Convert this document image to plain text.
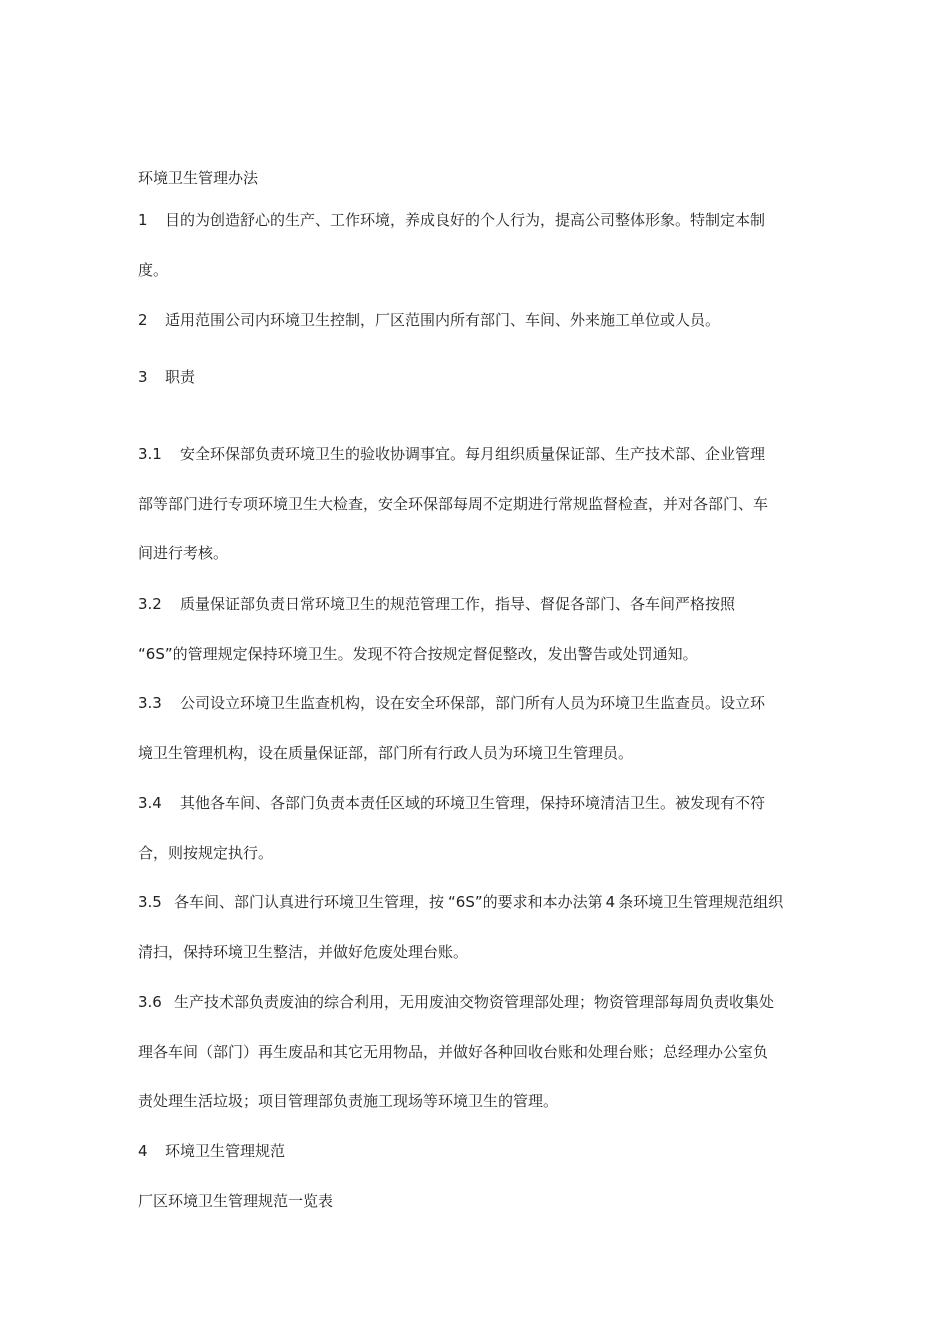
环境卫生管理办法
1 目的为创造舒心的生产、工作环境，养成良好的个人行为，提高公司整体形象。特制定本制
度。
2 适用范围公司内环境卫生控制，厂区范围内所有部门、车间、外来施工单位或人员。
3 职责
3.1 安全环保部负责环境卫生的验收协调事宜。每月组织质量保证部、生产技术部、企业管理
部等部门进行专项环境卫生大检查，安全环保部每周不定期进行常规监督检查，并对各部门、车
间进行考核。
3.2 质量保证部负责日常环境卫生的规范管理工作，指导、督促各部门、各车间严格按照
“6S”的管理规定保持环境卫生。发现不符合按规定督促整改，发出警告或处罚通知。
3.3 公司设立环境卫生监查机构，设在安全环保部，部门所有人员为环境卫生监查员。设立环
境卫生管理机构，设在质量保证部，部门所有行政人员为环境卫生管理员。
3.4 其他各车间、各部门负责本责任区域的环境卫生管理，保持环境清洁卫生。被发现有不符
合，则按规定执行。
3.5 各车间、部门认真进行环境卫生管理，按 “6S”的要求和本办法第 4 条环境卫生管理规范组织
清扫，保持环境卫生整洁，并做好危废处理台账。
3.6 生产技术部负责废油的综合利用，无用废油交物资管理部处理；物资管理部每周负责收集处
理各车间（部门）再生废品和其它无用物品，并做好各种回收台账和处理台账；总经理办公室负
责处理生活垃圾；项目管理部负责施工现场等环境卫生的管理。
4 环境卫生管理规范
厂区环境卫生管理规范一览表
